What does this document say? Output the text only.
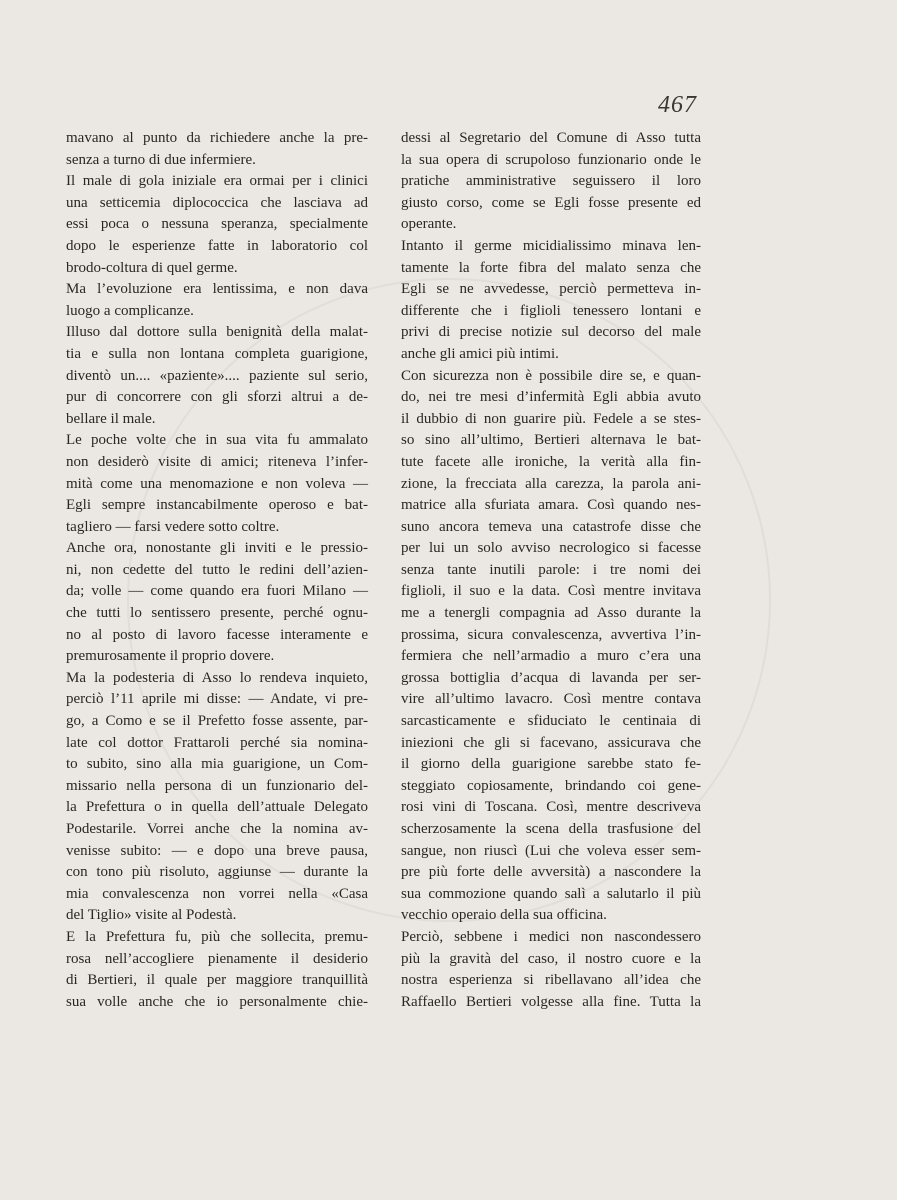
467
mavano al punto da richiedere anche la pre-
senza a turno di due infermiere.
Il male di gola iniziale era ormai per i clinici
una setticemia diplococcica che lasciava ad
essi poca o nessuna speranza, specialmente
dopo le esperienze fatte in laboratorio col
brodo-coltura di quel germe.
Ma l’evoluzione era lentissima, e non dava
luogo a complicanze.
Illuso dal dottore sulla benignità della malat-
tia e sulla non lontana completa guarigione,
diventò un.... «paziente».... paziente sul serio,
pur di concorrere con gli sforzi altrui a de-
bellare il male.
Le poche volte che in sua vita fu ammalato
non desiderò visite di amici; riteneva l’infer-
mità come una menomazione e non voleva —
Egli sempre instancabilmente operoso e bat-
tagliero — farsi vedere sotto coltre.
Anche ora, nonostante gli inviti e le pressio-
ni, non cedette del tutto le redini dell’azien-
da; volle — come quando era fuori Milano —
che tutti lo sentissero presente, perché ognu-
no al posto di lavoro facesse interamente e
premurosamente il proprio dovere.
Ma la podesteria di Asso lo rendeva inquieto,
perciò l’11 aprile mi disse: — Andate, vi pre-
go, a Como e se il Prefetto fosse assente, par-
late col dottor Frattaroli perché sia nomina-
to subito, sino alla mia guarigione, un Com-
missario nella persona di un funzionario del-
la Prefettura o in quella dell’attuale Delegato
Podestarile. Vorrei anche che la nomina av-
venisse subito: — e dopo una breve pausa,
con tono più risoluto, aggiunse — durante la
mia convalescenza non vorrei nella «Casa
del Tiglio» visite al Podestà.
E la Prefettura fu, più che sollecita, premu-
rosa nell’accogliere pienamente il desiderio
di Bertieri, il quale per maggiore tranquillità
sua volle anche che io personalmente chie-
dessi al Segretario del Comune di Asso tutta
la sua opera di scrupoloso funzionario onde le
pratiche amministrative seguissero il loro
giusto corso, come se Egli fosse presente ed
operante.
Intanto il germe micidialissimo minava len-
tamente la forte fibra del malato senza che
Egli se ne avvedesse, perciò permetteva in-
differente che i figlioli tenessero lontani e
privi di precise notizie sul decorso del male
anche gli amici più intimi.
Con sicurezza non è possibile dire se, e quan-
do, nei tre mesi d’infermità Egli abbia avuto
il dubbio di non guarire più. Fedele a se stes-
so sino all’ultimo, Bertieri alternava le bat-
tute facete alle ironiche, la verità alla fin-
zione, la frecciata alla carezza, la parola ani-
matrice alla sfuriata amara. Così quando nes-
suno ancora temeva una catastrofe disse che
per lui un solo avviso necrologico si facesse
senza tante inutili parole: i tre nomi dei
figlioli, il suo e la data. Così mentre invitava
me a tenergli compagnia ad Asso durante la
prossima, sicura convalescenza, avvertiva l’in-
fermiera che nell’armadio a muro c’era una
grossa bottiglia d’acqua di lavanda per ser-
vire all’ultimo lavacro. Così mentre contava
sarcasticamente e sfiduciato le centinaia di
iniezioni che gli si facevano, assicurava che
il giorno della guarigione sarebbe stato fe-
steggiato copiosamente, brindando coi gene-
rosi vini di Toscana. Così, mentre descriveva
scherzosamente la scena della trasfusione del
sangue, non riuscì (Lui che voleva esser sem-
pre più forte delle avversità) a nascondere la
sua commozione quando salì a salutarlo il più
vecchio operaio della sua officina.
Perciò, sebbene i medici non nascondessero
più la gravità del caso, il nostro cuore e la
nostra esperienza si ribellavano all’idea che
Raffaello Bertieri volgesse alla fine. Tutta la
